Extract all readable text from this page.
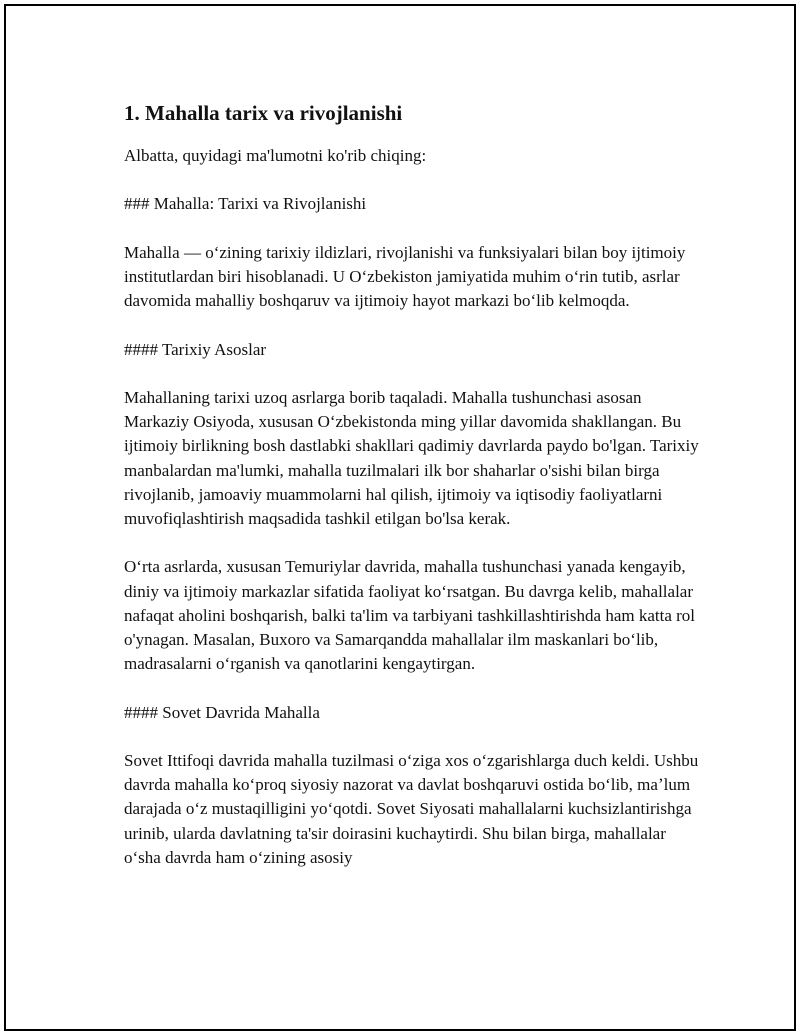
1. Mahalla tarix va rivojlanishi

Albatta, quyidagi ma'lumotni ko'rib chiqing:

### Mahalla: Tarixi va Rivojlanishi

Mahalla — oʻzining tarixiy ildizlari, rivojlanishi va funksiyalari bilan boy ijtimoiy institutlardan biri hisoblanadi. U Oʻzbekiston jamiyatida muhim oʻrin tutib, asrlar davomida mahalliy boshqaruv va ijtimoiy hayot markazi boʻlib kelmoqda.

#### Tarixiy Asoslar

Mahallaning tarixi uzoq asrlarga borib taqaladi. Mahalla tushunchasi asosan Markaziy Osiyoda, xususan Oʻzbekistonda ming yillar davomida shakllangan. Bu ijtimoiy birlikning bosh dastlabki shakllari qadimiy davrlarda paydo bo'lgan. Tarixiy manbalardan ma'lumki, mahalla tuzilmalari ilk bor shaharlar o'sishi bilan birga rivojlanib, jamoaviy muammolarni hal qilish, ijtimoiy va iqtisodiy faoliyatlarni muvofiqlashtirish maqsadida tashkil etilgan bo'lsa kerak.

Oʻrta asrlarda, xususan Temuriylar davrida, mahalla tushunchasi yanada kengayib, diniy va ijtimoiy markazlar sifatida faoliyat koʻrsatgan. Bu davrga kelib, mahallalar nafaqat aholini boshqarish, balki ta'lim va tarbiyani tashkillashtirishda ham katta rol o'ynagan. Masalan, Buxoro va Samarqandda mahallalar ilm maskanlari boʻlib, madrasalarni oʻrganish va qanotlarini kengaytirgan.

#### Sovet Davrida Mahalla

Sovet Ittifoqi davrida mahalla tuzilmasi oʻziga xos oʻzgarishlarga duch keldi. Ushbu davrda mahalla koʻproq siyosiy nazorat va davlat boshqaruvi ostida boʻlib, maʼlum darajada oʻz mustaqilligini yoʻqotdi. Sovet Siyosati mahallalarni kuchsizlantirishga urinib, ularda davlatning ta'sir doirasini kuchaytirdi. Shu bilan birga, mahallalar oʻsha davrda ham oʻzining asosiy
